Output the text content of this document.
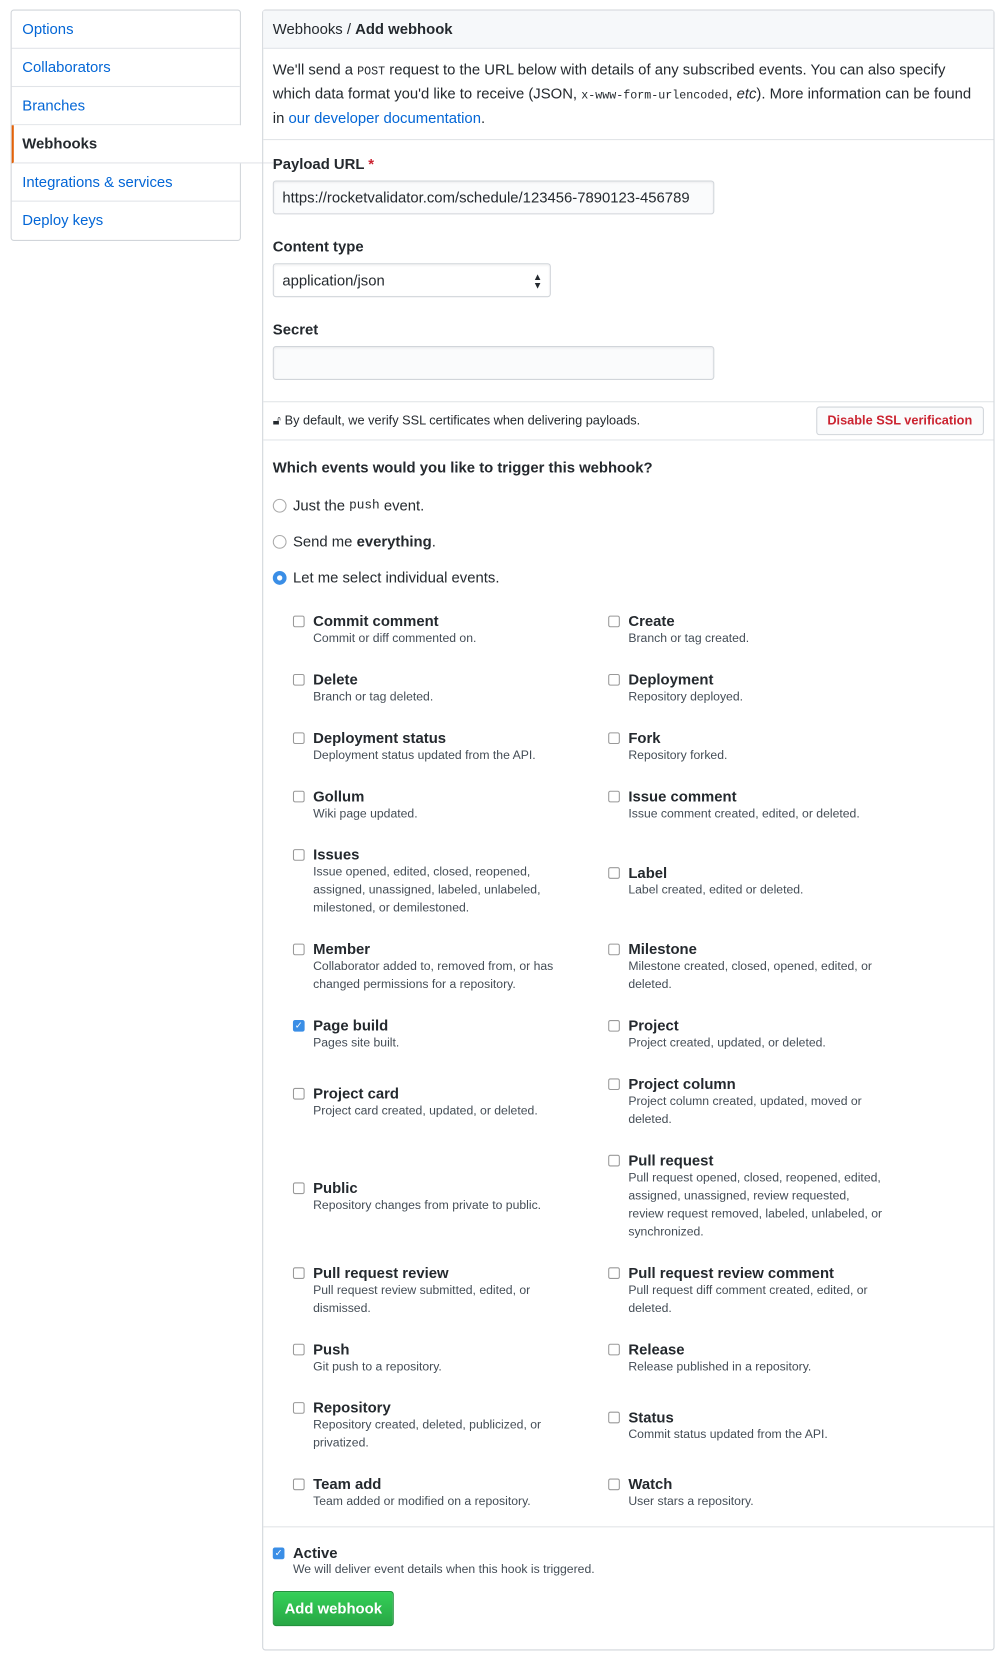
Options
Collaborators
Branches
Webhooks
Integrations & services
Deploy keys
Webhooks / Add webhook
We'll send a POST request to the URL below with details of any subscribed events. You can also specify which data format you'd like to receive (JSON, x-www-form-urlencoded, etc). More information can be found in our developer documentation.
Payload URL *
https://rocketvalidator.com/schedule/123456-7890123-456789
Content type
application/json	▲
▼
Secret
🔓︎ By default, we verify SSL certificates when delivering payloads.	Disable SSL verification
Which events would you like to trigger this webhook?
Just the
push
event.
Send me
everything .
Let me select individual events.
Commit comment
Commit or diff commented on.
Create
Branch or tag created.
Delete
Branch or tag deleted.
Deployment
Repository deployed.
Deployment status
Deployment status updated from the API.
Fork
Repository forked.
Gollum
Wiki page updated.
Issue comment
Issue comment created, edited, or deleted.
Issues
Issue opened, edited, closed, reopened, assigned, unassigned, labeled, unlabeled, milestoned, or demilestoned.
Label
Label created, edited or deleted.
Member
Collaborator added to, removed from, or has changed permissions for a repository.
Milestone
Milestone created, closed, opened, edited, or deleted.
✓ Page build
Pages site built.
Project
Project created, updated, or deleted.
Project card
Project card created, updated, or deleted.
Project column
Project column created, updated, moved or deleted.
Public
Repository changes from private to public.
Pull request
Pull request opened, closed, reopened, edited, assigned, unassigned, review requested, review request removed, labeled, unlabeled, or synchronized.
Pull request review
Pull request review submitted, edited, or dismissed.
Pull request review comment
Pull request diff comment created, edited, or deleted.
Push
Git push to a repository.
Release
Release published in a repository.
Repository
Repository created, deleted, publicized, or privatized.
Status
Commit status updated from the API.
Team add
Team added or modified on a repository.
Watch
User stars a repository.
✓ Active
We will deliver event details when this hook is triggered.
Add webhook
